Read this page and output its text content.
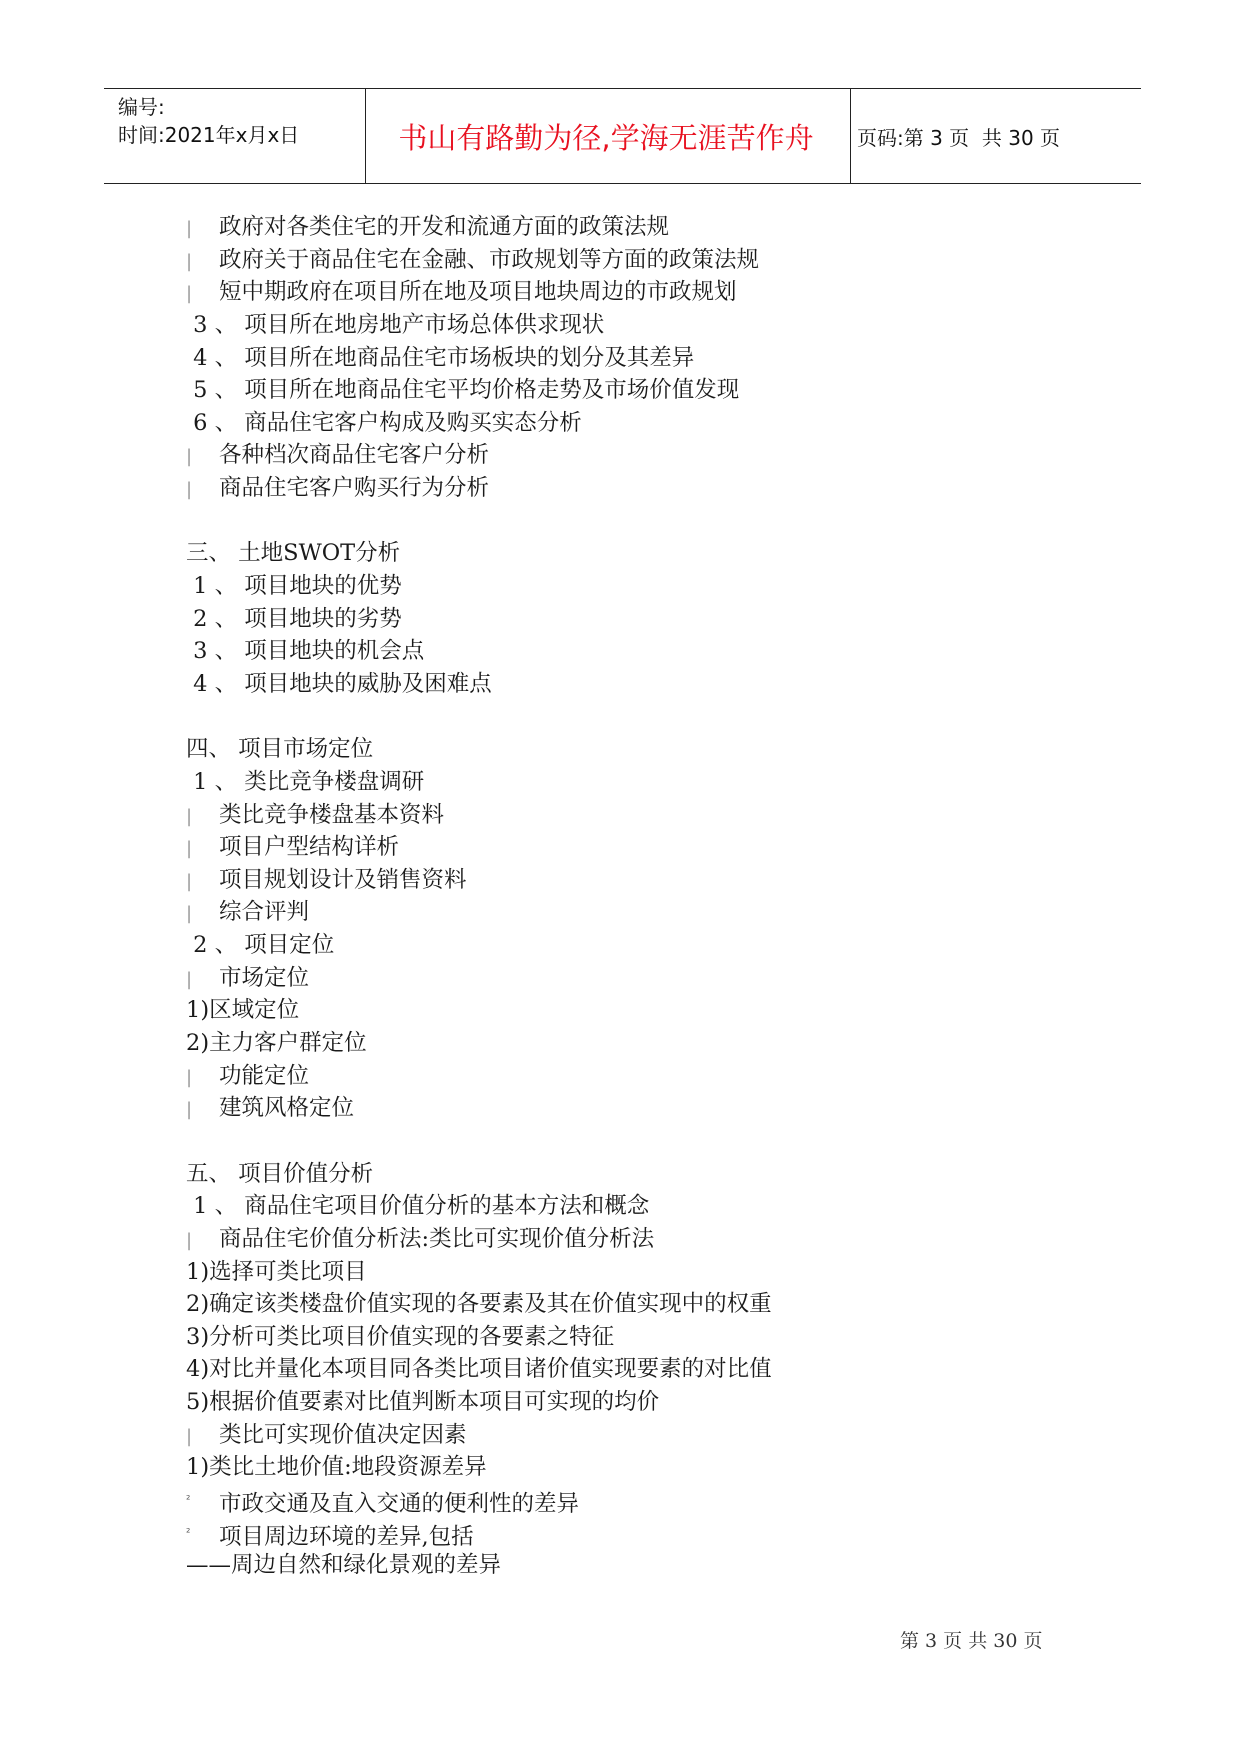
编号:
时间:2021年x月x日	书山有路勤为径,学海无涯苦作舟	页码:第 3 页  共 30 页
| 政府对各类住宅的开发和流通方面的政策法规
| 政府关于商品住宅在金融、市政规划等方面的政策法规
| 短中期政府在项目所在地及项目地块周边的市政规划
3 、 项目所在地房地产市场总体供求现状
4 、 项目所在地商品住宅市场板块的划分及其差异
5 、 项目所在地商品住宅平均价格走势及市场价值发现
6 、 商品住宅客户构成及购买实态分析
| 各种档次商品住宅客户分析
| 商品住宅客户购买行为分析
三、 土地SWOT分析
1 、 项目地块的优势
2 、 项目地块的劣势
3 、 项目地块的机会点
4 、 项目地块的威胁及困难点
四、 项目市场定位
1 、 类比竞争楼盘调研
| 类比竞争楼盘基本资料
| 项目户型结构详析
| 项目规划设计及销售资料
| 综合评判
2 、 项目定位
| 市场定位
1)区域定位
2)主力客户群定位
| 功能定位
| 建筑风格定位
五、 项目价值分析
1 、 商品住宅项目价值分析的基本方法和概念
| 商品住宅价值分析法:类比可实现价值分析法
1)选择可类比项目
2)确定该类楼盘价值实现的各要素及其在价值实现中的权重
3)分析可类比项目价值实现的各要素之特征
4)对比并量化本项目同各类比项目诸价值实现要素的对比值
5)根据价值要素对比值判断本项目可实现的均价
| 类比可实现价值决定因素
1)类比土地价值:地段资源差异
² 市政交通及直入交通的便利性的差异
² 项目周边环境的差异,包括
——周边自然和绿化景观的差异
第 3 页 共 30 页
